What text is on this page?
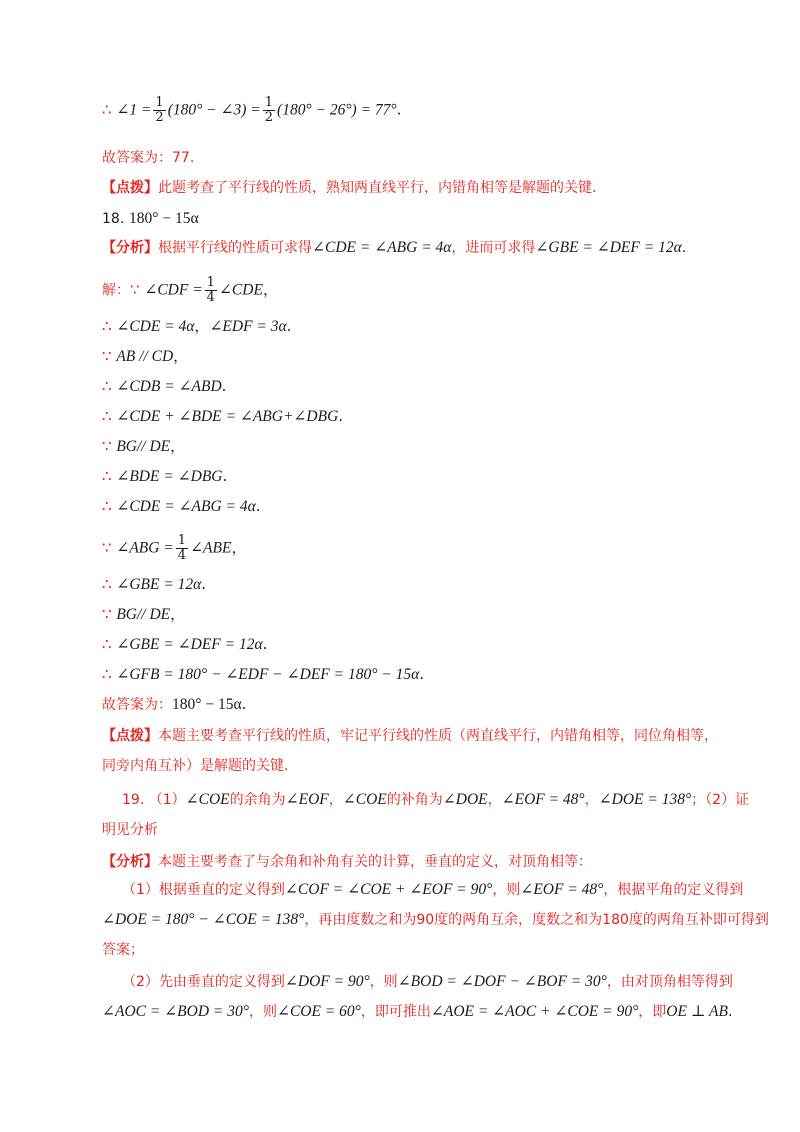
∴ ∠1 = $\frac{1}{2} (180^\circ$ − ∠3) = $\frac{1}{2} (180^\circ - 26^\circ) = 77^\circ$.
故答案为：77.
【点拨】此题考查了平行线的性质，熟知两直线平行，内错角相等是解题的关键.
18. 180° − 15α
【分析】根据平行线的性质可求得∠CDE = ∠ABG = 4α，进而可求得∠GBE = ∠DEF = 12α.
解：∵ ∠CDF = $\frac{1}{4}$ ∠CDE，
∴ ∠CDE = 4α，∠EDF = 3α.
∵ AB // CD，
∴ ∠CDB = ∠ABD.
∴ ∠CDE + ∠BDE = ∠ABG+∠DBG.
∵ BG// DE，
∴ ∠BDE = ∠DBG.
∴ ∠CDE = ∠ABG = 4α.
∵ ∠ABG = $\frac{1}{4}$ ∠ABE，
∴ ∠GBE = 12α.
∵ BG// DE，
∴ ∠GBE = ∠DEF = 12α.
∴ ∠GFB = 180° − ∠EDF − ∠DEF = 180° − 15α.
故答案为：180° − 15α.
【点拨】本题主要考查平行线的性质，牢记平行线的性质（两直线平行，内错角相等，同位角相等，
同旁内角互补）是解题的关键.
19. （1）∠COE的余角为∠EOF，∠COE的补角为∠DOE，∠EOF = 48°，∠DOE = 138°；（2）证
明见分析
【分析】本题主要考查了与余角和补角有关的计算，垂直的定义，对顶角相等：
（1）根据垂直的定义得到∠COF = ∠COE + ∠EOF = 90°，则∠EOF = 48°，根据平角的定义得到
∠DOE = 180° − ∠COE = 138°，再由度数之和为90度的两角互余，度数之和为180度的两角互补即可得到
答案；
（2）先由垂直的定义得到∠DOF = 90°，则∠BOD = ∠DOF − ∠BOF = 30°，由对顶角相等得到
∠AOC = ∠BOD = 30°，则∠COE = 60°，即可推出∠AOE = ∠AOC + ∠COE = 90°，即OE ⊥ AB.
